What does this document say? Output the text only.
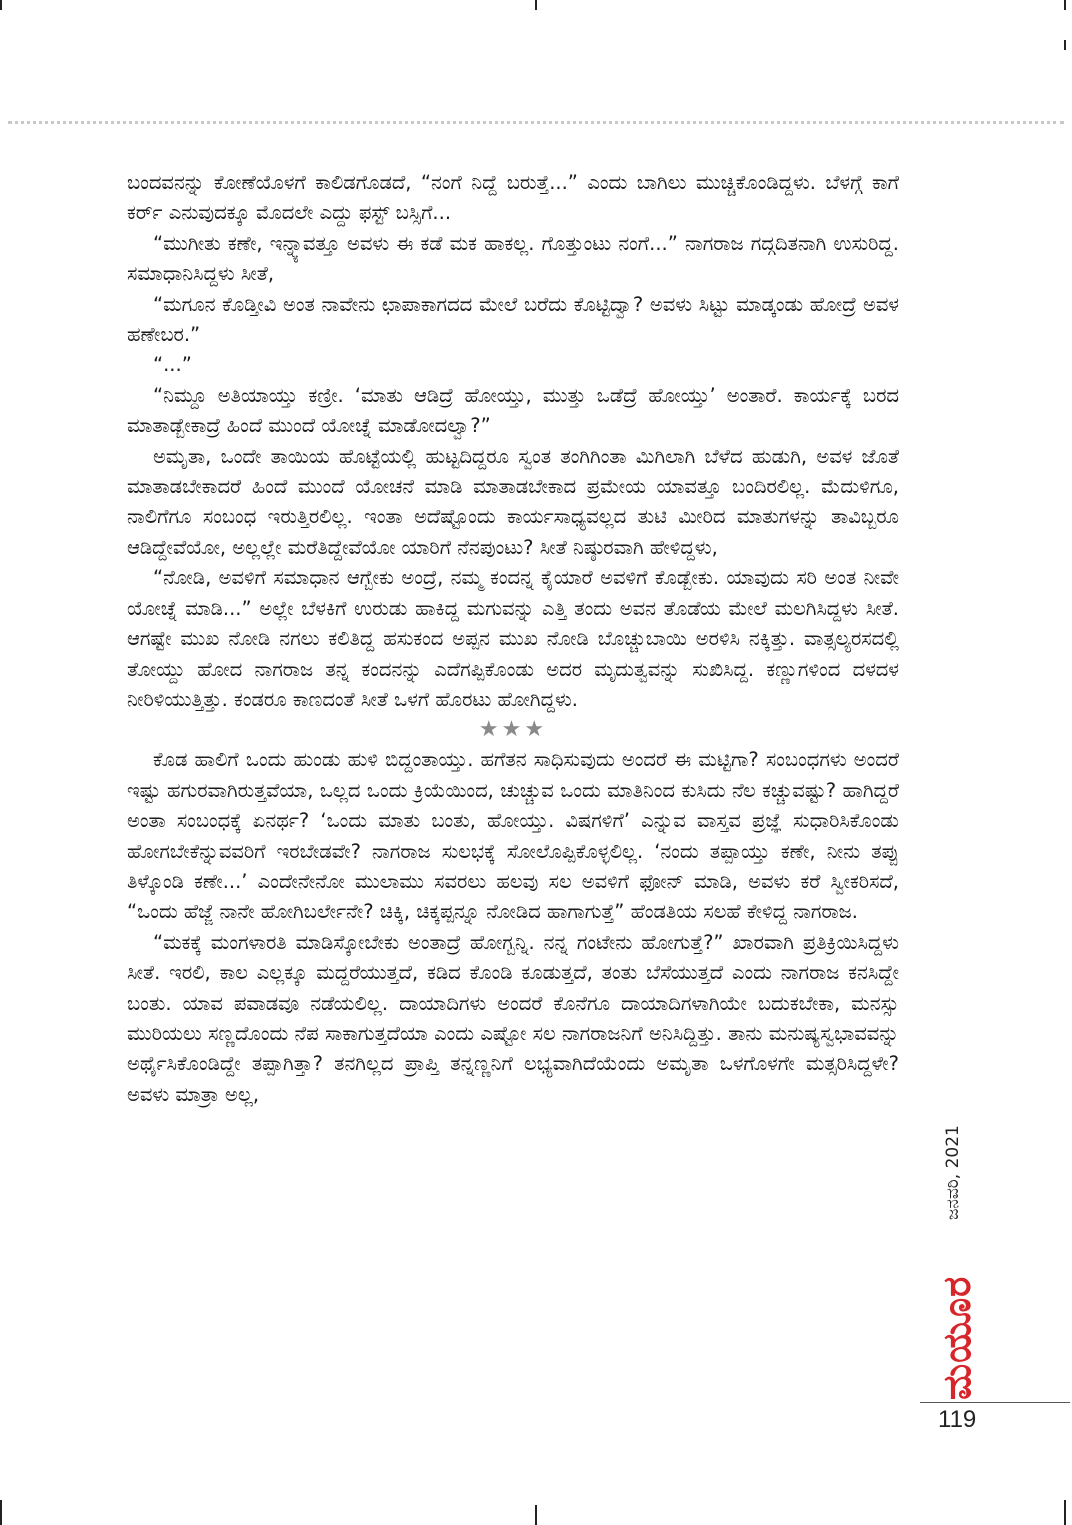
ಬಂದವನನ್ನು ಕೋಣೆಯೊಳಗೆ ಕಾಲಿಡಗೊಡದೆ, “ನಂಗೆ ನಿದ್ದೆ ಬರುತ್ತೆ...” ಎಂದು ಬಾಗಿಲು ಮುಚ್ಚಿಕೊಂಡಿದ್ದಳು. ಬೆಳಗ್ಗೆ ಕಾಗೆ ಕರ್ರ್ ಎನುವುದಕ್ಕೂ ಮೊದಲೇ ಎದ್ದು ಫಸ್ಟ್ ಬಸ್ಸಿಗೆ...

“ಮುಗೀತು ಕಣೇ, ಇನ್ನ್ಯಾವತ್ತೂ ಅವಳು ಈ ಕಡೆ ಮಕ ಹಾಕಲ್ಲ. ಗೊತ್ತುಂಟು ನಂಗೆ...” ನಾಗರಾಜ ಗದ್ಗದಿತನಾಗಿ ಉಸುರಿದ್ದ. ಸಮಾಧಾನಿಸಿದ್ದಳು ಸೀತೆ,

“ಮಗೂನ ಕೊಡ್ತೀವಿ ಅಂತ ನಾವೇನು ಛಾಪಾಕಾಗದದ ಮೇಲೆ ಬರೆದು ಕೊಟ್ಟಿದ್ವಾ? ಅವಳು ಸಿಟ್ಟು ಮಾಡ್ಕಂಡು ಹೋದ್ರೆ ಅವಳ ಹಣೇಬರ.”

“...”

“ನಿಮ್ದೂ ಅತಿಯಾಯ್ತು ಕಣ್ರೀ. ‘ಮಾತು ಆಡಿದ್ರೆ ಹೋಯ್ತು, ಮುತ್ತು ಒಡೆದ್ರೆ ಹೋಯ್ತು’ ಅಂತಾರೆ. ಕಾರ್ಯಕ್ಕೆ ಬರದ ಮಾತಾಡ್ಬೇಕಾದ್ರೆ ಹಿಂದೆ ಮುಂದೆ ಯೋಚ್ನೆ ಮಾಡೋದಲ್ವಾ?”

ಅಮೃತಾ, ಒಂದೇ ತಾಯಿಯ ಹೊಟ್ಟೆಯಲ್ಲಿ ಹುಟ್ಟದಿದ್ದರೂ ಸ್ವಂತ ತಂಗಿಗಿಂತಾ ಮಿಗಿಲಾಗಿ ಬೆಳೆದ ಹುಡುಗಿ, ಅವಳ ಜೊತೆ ಮಾತಾಡಬೇಕಾದರೆ ಹಿಂದೆ ಮುಂದೆ ಯೋಚನೆ ಮಾಡಿ ಮಾತಾಡಬೇಕಾದ ಪ್ರಮೇಯ ಯಾವತ್ತೂ ಬಂದಿರಲಿಲ್ಲ. ಮೆದುಳಿಗೂ, ನಾಲಿಗೆಗೂ ಸಂಬಂಧ ಇರುತ್ತಿರಲಿಲ್ಲ. ಇಂತಾ ಅದೆಷ್ಟೊಂದು ಕಾರ್ಯಸಾಧ್ಯವಲ್ಲದ ತುಟಿ ಮೀರಿದ ಮಾತುಗಳನ್ನು ತಾವಿಬ್ಬರೂ ಆಡಿದ್ದೇವೆಯೋ, ಅಲ್ಲಲ್ಲೇ ಮರೆತಿದ್ದೇವೆಯೋ ಯಾರಿಗೆ ನೆನಪುಂಟು? ಸೀತೆ ನಿಷ್ಠುರವಾಗಿ ಹೇಳಿದ್ದಳು,

“ನೋಡಿ, ಅವಳಿಗೆ ಸಮಾಧಾನ ಆಗ್ಬೇಕು ಅಂದ್ರೆ, ನಮ್ಮ ಕಂದನ್ನ ಕೈಯಾರೆ ಅವಳಿಗೆ ಕೊಡ್ಬೇಕು. ಯಾವುದು ಸರಿ ಅಂತ ನೀವೇ ಯೋಚ್ನೆ ಮಾಡಿ...” ಅಲ್ಲೇ ಬೆಳಕಿಗೆ ಉರುಡು ಹಾಕಿದ್ದ ಮಗುವನ್ನು ಎತ್ತಿ ತಂದು ಅವನ ತೊಡೆಯ ಮೇಲೆ ಮಲಗಿಸಿದ್ದಳು ಸೀತೆ. ಆಗಷ್ಟೇ ಮುಖ ನೋಡಿ ನಗಲು ಕಲಿತಿದ್ದ ಹಸುಕಂದ ಅಪ್ಪನ ಮುಖ ನೋಡಿ ಬೊಚ್ಚುಬಾಯಿ ಅರಳಿಸಿ ನಕ್ಕಿತ್ತು. ವಾತ್ಸಲ್ಯರಸದಲ್ಲಿ ತೋಯ್ದು ಹೋದ ನಾಗರಾಜ ತನ್ನ ಕಂದನನ್ನು ಎದೆಗಪ್ಪಿಕೊಂಡು ಅದರ ಮೃದುತ್ವವನ್ನು ಸುಖಿಸಿದ್ದ. ಕಣ್ಣುಗಳಿಂದ ದಳದಳ ನೀರಿಳಿಯುತ್ತಿತ್ತು. ಕಂಡರೂ ಕಾಣದಂತೆ ಸೀತೆ ಒಳಗೆ ಹೊರಟು ಹೋಗಿದ್ದಳು.

★★★

ಕೊಡ ಹಾಲಿಗೆ ಒಂದು ಹುಂಡು ಹುಳಿ ಬಿದ್ದಂತಾಯ್ತು. ಹಗೆತನ ಸಾಧಿಸುವುದು ಅಂದರೆ ಈ ಮಟ್ಟಿಗಾ? ಸಂಬಂಧಗಳು ಅಂದರೆ ಇಷ್ಟು ಹಗುರವಾಗಿರುತ್ತವೆಯಾ, ಒಲ್ಲದ ಒಂದು ಕ್ರಿಯೆಯಿಂದ, ಚುಚ್ಚುವ ಒಂದು ಮಾತಿನಿಂದ ಕುಸಿದು ನೆಲ ಕಚ್ಚುವಷ್ಟು? ಹಾಗಿದ್ದರೆ ಅಂತಾ ಸಂಬಂಧಕ್ಕೆ ಏನರ್ಥ? ‘ಒಂದು ಮಾತು ಬಂತು, ಹೋಯ್ತು. ವಿಷಗಳಿಗೆ’ ಎನ್ನುವ ವಾಸ್ತವ ಪ್ರಜ್ಞೆ ಸುಧಾರಿಸಿಕೊಂಡು ಹೋಗಬೇಕೆನ್ನುವವರಿಗೆ ಇರಬೇಡವೇ? ನಾಗರಾಜ ಸುಲಭಕ್ಕೆ ಸೋಲೊಪ್ಪಿಕೊಳ್ಳಲಿಲ್ಲ. ‘ನಂದು ತಪ್ಪಾಯ್ತು ಕಣೇ, ನೀನು ತಪ್ಪು ತಿಳ್ಕೊಂಡಿ ಕಣೇ...’ ಎಂದೇನೇನೋ ಮುಲಾಮು ಸವರಲು ಹಲವು ಸಲ ಅವಳಿಗೆ ಫೋನ್ ಮಾಡಿ, ಅವಳು ಕರೆ ಸ್ವೀಕರಿಸದೆ, “ಒಂದು ಹೆಜ್ಜೆ ನಾನೇ ಹೋಗಿಬರ್ಲೇನೇ? ಚಿಕ್ಕಿ, ಚಿಕ್ಕಪ್ಪನ್ನೂ ನೋಡಿದ ಹಾಗಾಗುತ್ತೆ” ಹೆಂಡತಿಯ ಸಲಹೆ ಕೇಳಿದ್ದ ನಾಗರಾಜ.

“ಮಕಕ್ಕೆ ಮಂಗಳಾರತಿ ಮಾಡಿಸ್ಕೋಬೇಕು ಅಂತಾದ್ರೆ ಹೋಗ್ಬನ್ನಿ. ನನ್ನ ಗಂಟೇನು ಹೋಗುತ್ತೆ?” ಖಾರವಾಗಿ ಪ್ರತಿಕ್ರಿಯಿಸಿದ್ದಳು ಸೀತೆ. ಇರಲಿ, ಕಾಲ ಎಲ್ಲಕ್ಕೂ ಮದ್ದರೆಯುತ್ತದೆ, ಕಡಿದ ಕೊಂಡಿ ಕೂಡುತ್ತದೆ, ತಂತು ಬೆಸೆಯುತ್ತದೆ ಎಂದು ನಾಗರಾಜ ಕನಸಿದ್ದೇ ಬಂತು. ಯಾವ ಪವಾಡವೂ ನಡೆಯಲಿಲ್ಲ. ದಾಯಾದಿಗಳು ಅಂದರೆ ಕೊನೆಗೂ ದಾಯಾದಿಗಳಾಗಿಯೇ ಬದುಕಬೇಕಾ, ಮನಸ್ಸು ಮುರಿಯಲು ಸಣ್ಣದೊಂದು ನೆಪ ಸಾಕಾಗುತ್ತದೆಯಾ ಎಂದು ಎಷ್ಟೋ ಸಲ ನಾಗರಾಜನಿಗೆ ಅನಿಸಿದ್ದಿತ್ತು. ತಾನು ಮನುಷ್ಯಸ್ವಭಾವವನ್ನು ಅರ್ಥೈಸಿಕೊಂಡಿದ್ದೇ ತಪ್ಪಾಗಿತ್ತಾ? ತನಗಿಲ್ಲದ ಪ್ರಾಪ್ತಿ ತನ್ನಣ್ಣನಿಗೆ ಲಭ್ಯವಾಗಿದೆಯೆಂದು ಅಮೃತಾ ಒಳಗೊಳಗೇ ಮತ್ಸರಿಸಿದ್ದಳೇ? ಅವಳು ಮಾತ್ರಾ ಅಲ್ಲ,

ಜನವರಿ, 2021
ಮಯೂರ
119
